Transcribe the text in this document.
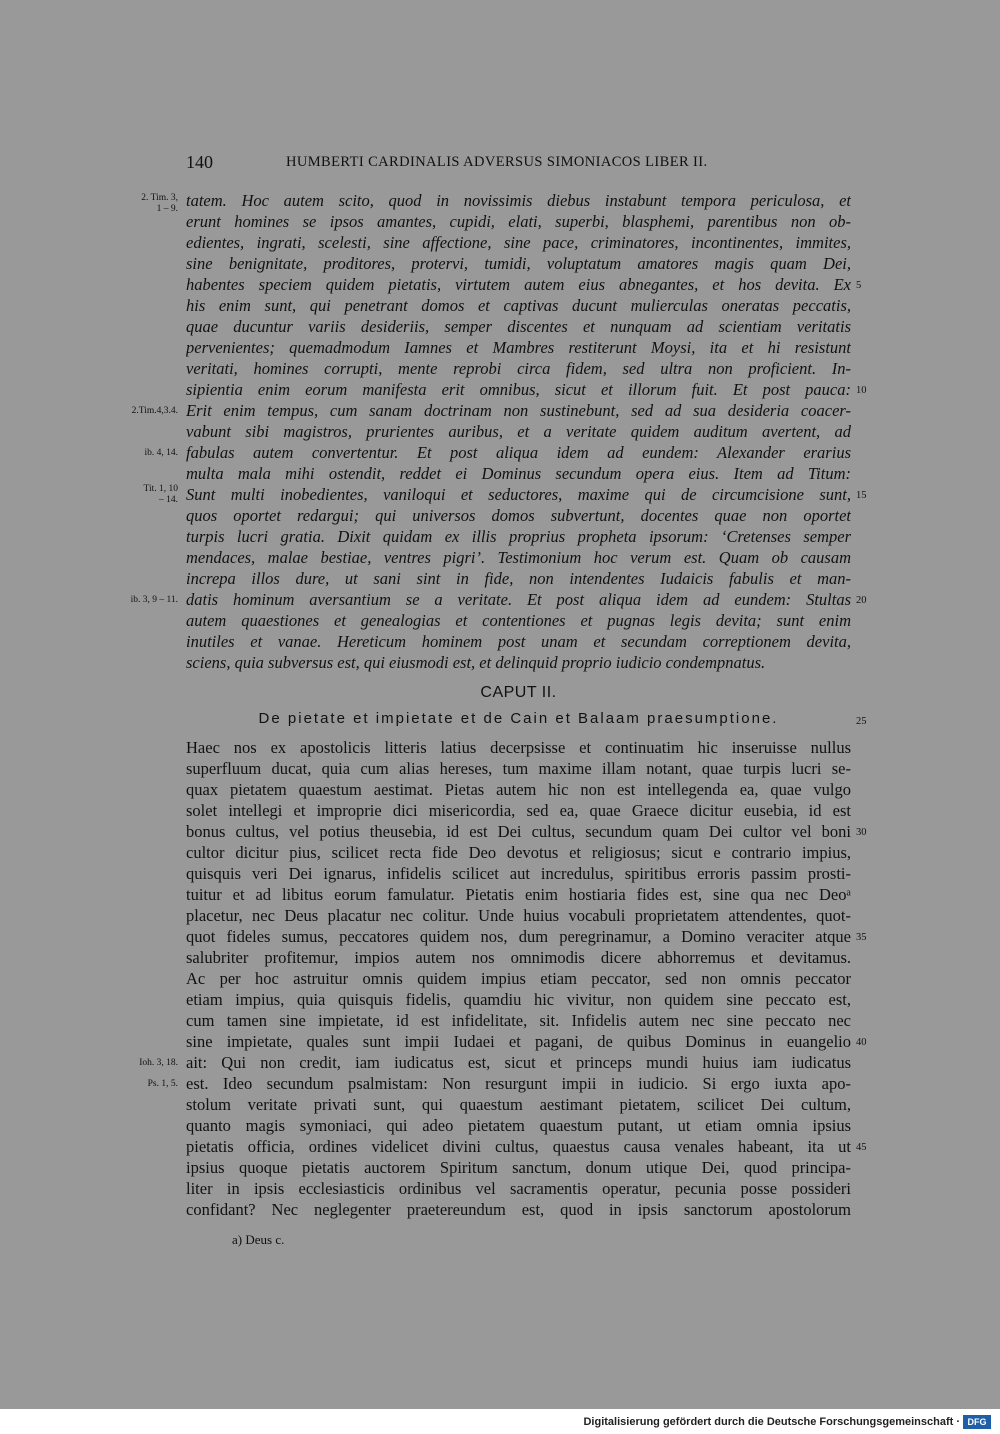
140	HUMBERTI CARDINALIS ADVERSUS SIMONIACOS LIBER II.
tatem. Hoc autem scito, quod in novissimis diebus instabunt tempora periculosa, et
erunt homines se ipsos amantes, cupidi, elati, superbi, blasphemi, parentibus non ob-
edientes, ingrati, scelesti, sine affectione, sine pace, criminatores, incontinentes, immites,
sine benignitate, proditores, protervi, tumidi, voluptatum amatores magis quam Dei,
habentes speciem quidem pietatis, virtutem autem eius abnegantes, et hos devita. Ex
his enim sunt, qui penetrant domos et captivas ducunt mulierculas oneratas peccatis,
quae ducuntur variis desideriis, semper discentes et nunquam ad scientiam veritatis
pervenientes; quemadmodum Iamnes et Mambres restiterunt Moysi, ita et hi resistunt
veritati, homines corrupti, mente reprobi circa fidem, sed ultra non proficient. In-
sipientia enim eorum manifesta erit omnibus, sicut et illorum fuit. Et post pauca:
Erit enim tempus, cum sanam doctrinam non sustinebunt, sed ad sua desideria coacer-
vabunt sibi magistros, prurientes auribus, et a veritate quidem auditum avertent, ad
fabulas autem convertentur. Et post aliqua idem ad eundem: Alexander erarius
multa mala mihi ostendit, reddet ei Dominus secundum opera eius. Item ad Titum:
Sunt multi inobedientes, vaniloqui et seductores, maxime qui de circumcisione sunt,
quos oportet redargui; qui universos domos subvertunt, docentes quae non oportet
turpis lucri gratia. Dixit quidam ex illis proprius propheta ipsorum: ‘Cretenses semper
mendaces, malae bestiae, ventres pigri’. Testimonium hoc verum est. Quam ob causam
increpa illos dure, ut sani sint in fide, non intendentes Iudaicis fabulis et man-
datis hominum aversantium se a veritate. Et post aliqua idem ad eundem: Stultas
autem quaestiones et genealogias et contentiones et pugnas legis devita; sunt enim
inutiles et vanae. Hereticum hominem post unam et secundam correptionem devita,
sciens, quia subversus est, qui eiusmodi est, et delinquid proprio iudicio condempnatus.
CAPUT II.
De pietate et impietate et de Cain et Balaam praesumptione.
Haec nos ex apostolicis litteris latius decerpsisse et continuatim hic inseruisse nullus
superfluum ducat, quia cum alias hereses, tum maxime illam notant, quae turpis lucri se-
quax pietatem quaestum aestimat. Pietas autem hic non est intellegenda ea, quae vulgo
solet intellegi et improprie dici misericordia, sed ea, quae Graece dicitur eusebia, id est
bonus cultus, vel potius theusebia, id est Dei cultus, secundum quam Dei cultor vel boni
cultor dicitur pius, scilicet recta fide Deo devotus et religiosus; sicut e contrario impius,
quisquis veri Dei ignarus, infidelis scilicet aut incredulus, spiritibus erroris passim prosti-
tuitur et ad libitus eorum famulatur. Pietatis enim hostiaria fides est, sine qua nec Deoᵃ
placetur, nec Deus placatur nec colitur. Unde huius vocabuli proprietatem attendentes, quot-
quot fideles sumus, peccatores quidem nos, dum peregrinamur, a Domino veraciter atque
salubriter profitemur, impios autem nos omnimodis dicere abhorremus et devitamus.
Ac per hoc astruitur omnis quidem impius etiam peccator, sed non omnis peccator
etiam impius, quia quisquis fidelis, quamdiu hic vivitur, non quidem sine peccato est,
cum tamen sine impietate, id est infidelitate, sit. Infidelis autem nec sine peccato nec
sine impietate, quales sunt impii Iudaei et pagani, de quibus Dominus in euangelio
ait: Qui non credit, iam iudicatus est, sicut et princeps mundi huius iam iudicatus
est. Ideo secundum psalmistam: Non resurgunt impii in iudicio. Si ergo iuxta apo-
stolum veritate privati sunt, qui quaestum aestimant pietatem, scilicet Dei cultum,
quanto magis symoniaci, qui adeo pietatem quaestum putant, ut etiam omnia ipsius
pietatis officia, ordines videlicet divini cultus, quaestus causa venales habeant, ita ut
ipsius quoque pietatis auctorem Spiritum sanctum, donum utique Dei, quod principa-
liter in ipsis ecclesiasticis ordinibus vel sacramentis operatur, pecunia posse possideri
confidant? Nec neglegenter praetereundum est, quod in ipsis sanctorum apostolorum
2. Tim. 3,
1 – 9.
2.Tim.4,3.4.
ib. 4, 14.
Tit. 1, 10
– 14.
ib. 3, 9 – 11.
Ioh. 3, 18.
Ps. 1, 5.
5
10
15
20
25
30
35
40
45
a) Deus c.
Digitalisierung gefördert durch die Deutsche Forschungsgemeinschaft · DFG
